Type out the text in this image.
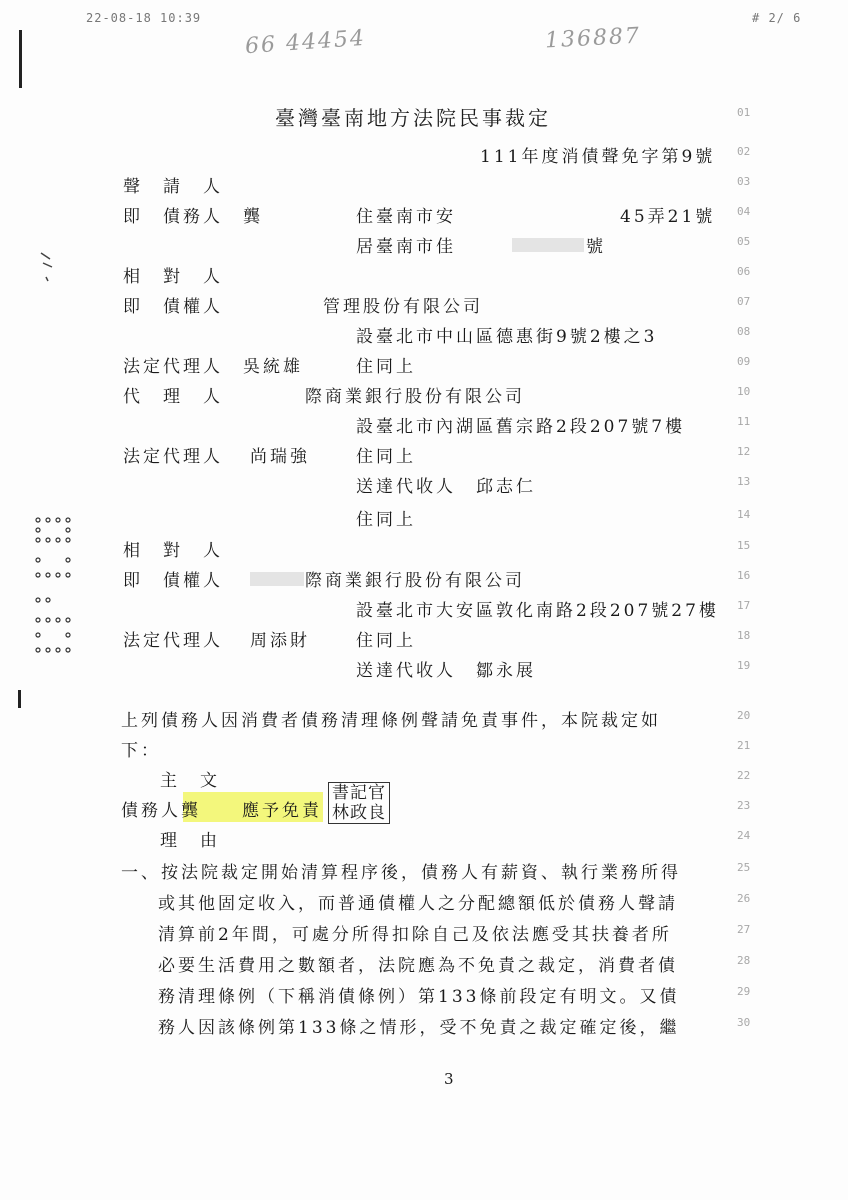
22-08-18 10:39	# 2/ 6
66 44454	136887
臺灣臺南地方法院民事裁定
111年度消債聲免字第9號
聲　請　人
即　債務人 龔	住臺南市安	45弄21號
居臺南市佳	號
相　對　人
即　債權人	管理股份有限公司
設臺北市中山區德惠街9號2樓之3
法定代理人 吳統雄	住同上
代　理　人	際商業銀行股份有限公司
設臺北市內湖區舊宗路2段207號7樓
法定代理人 尚瑞強	住同上
送達代收人　邱志仁
住同上
相　對　人
即　債權人	際商業銀行股份有限公司
設臺北市大安區敦化南路2段207號27樓
法定代理人 周添財	住同上
送達代收人　鄒永展
上列債務人因消費者債務清理條例聲請免責事件，本院裁定如
下：
主　文
債務人龔 應予免責
書記官
林政良
理　由
一、按法院裁定開始清算程序後，債務人有薪資、執行業務所得
或其他固定收入，而普通債權人之分配總額低於債務人聲請
清算前2年間，可處分所得扣除自己及依法應受其扶養者所
必要生活費用之數額者，法院應為不免責之裁定，消費者債
務清理條例（下稱消債條例）第133條前段定有明文。又債
務人因該條例第133條之情形，受不免責之裁定確定後，繼
01
02
03
04
05
06
07
08
09
10
11
12
13
14
15
16
17
18
19
20
21
22
23
24
25
26
27
28
29
30
3
